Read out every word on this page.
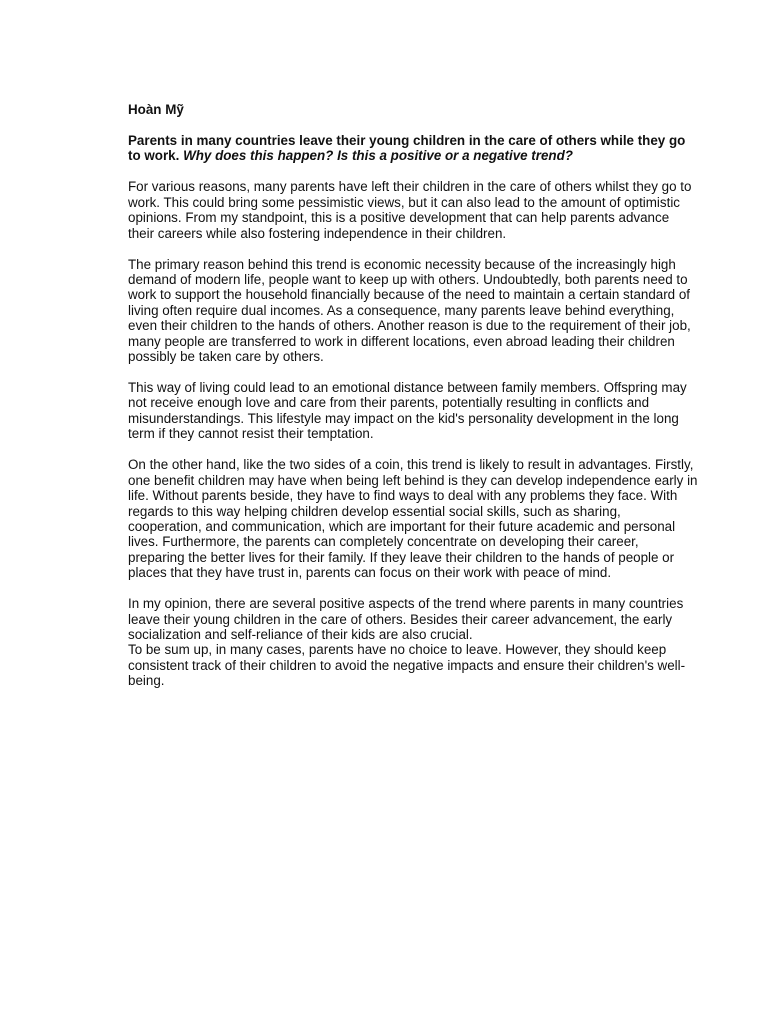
Hoàn Mỹ

Parents in many countries leave their young children in the care of others while they go to work. Why does this happen? Is this a positive or a negative trend?

For various reasons, many parents have left their children in the care of others whilst they go to work. This could bring some pessimistic views, but it can also lead to the amount of optimistic opinions. From my standpoint, this is a positive development that can help parents advance their careers while also fostering independence in their children.

The primary reason behind this trend is economic necessity because of the increasingly high demand of modern life, people want to keep up with others. Undoubtedly, both parents need to work to support the household financially because of the need to maintain a certain standard of living often require dual incomes. As a consequence, many parents leave behind everything, even their children to the hands of others. Another reason is due to the requirement of their job, many people are transferred to work in different locations, even abroad leading their children possibly be taken care by others.

This way of living could lead to an emotional distance between family members. Offspring may not receive enough love and care from their parents, potentially resulting in conflicts and misunderstandings. This lifestyle may impact on the kid's personality development in the long term if they cannot resist their temptation.

On the other hand, like the two sides of a coin, this trend is likely to result in advantages. Firstly, one benefit children may have when being left behind is they can develop independence early in life. Without parents beside, they have to find ways to deal with any problems they face. With regards to this way helping children develop essential social skills, such as sharing, cooperation, and communication, which are important for their future academic and personal lives. Furthermore, the parents can completely concentrate on developing their career, preparing the better lives for their family. If they leave their children to the hands of people or places that they have trust in, parents can focus on their work with peace of mind.

In my opinion, there are several positive aspects of the trend where parents in many countries leave their young children in the care of others. Besides their career advancement, the early socialization and self-reliance of their kids are also crucial.

To be sum up, in many cases, parents have no choice to leave. However, they should keep consistent track of their children to avoid the negative impacts and ensure their children's well-being.
